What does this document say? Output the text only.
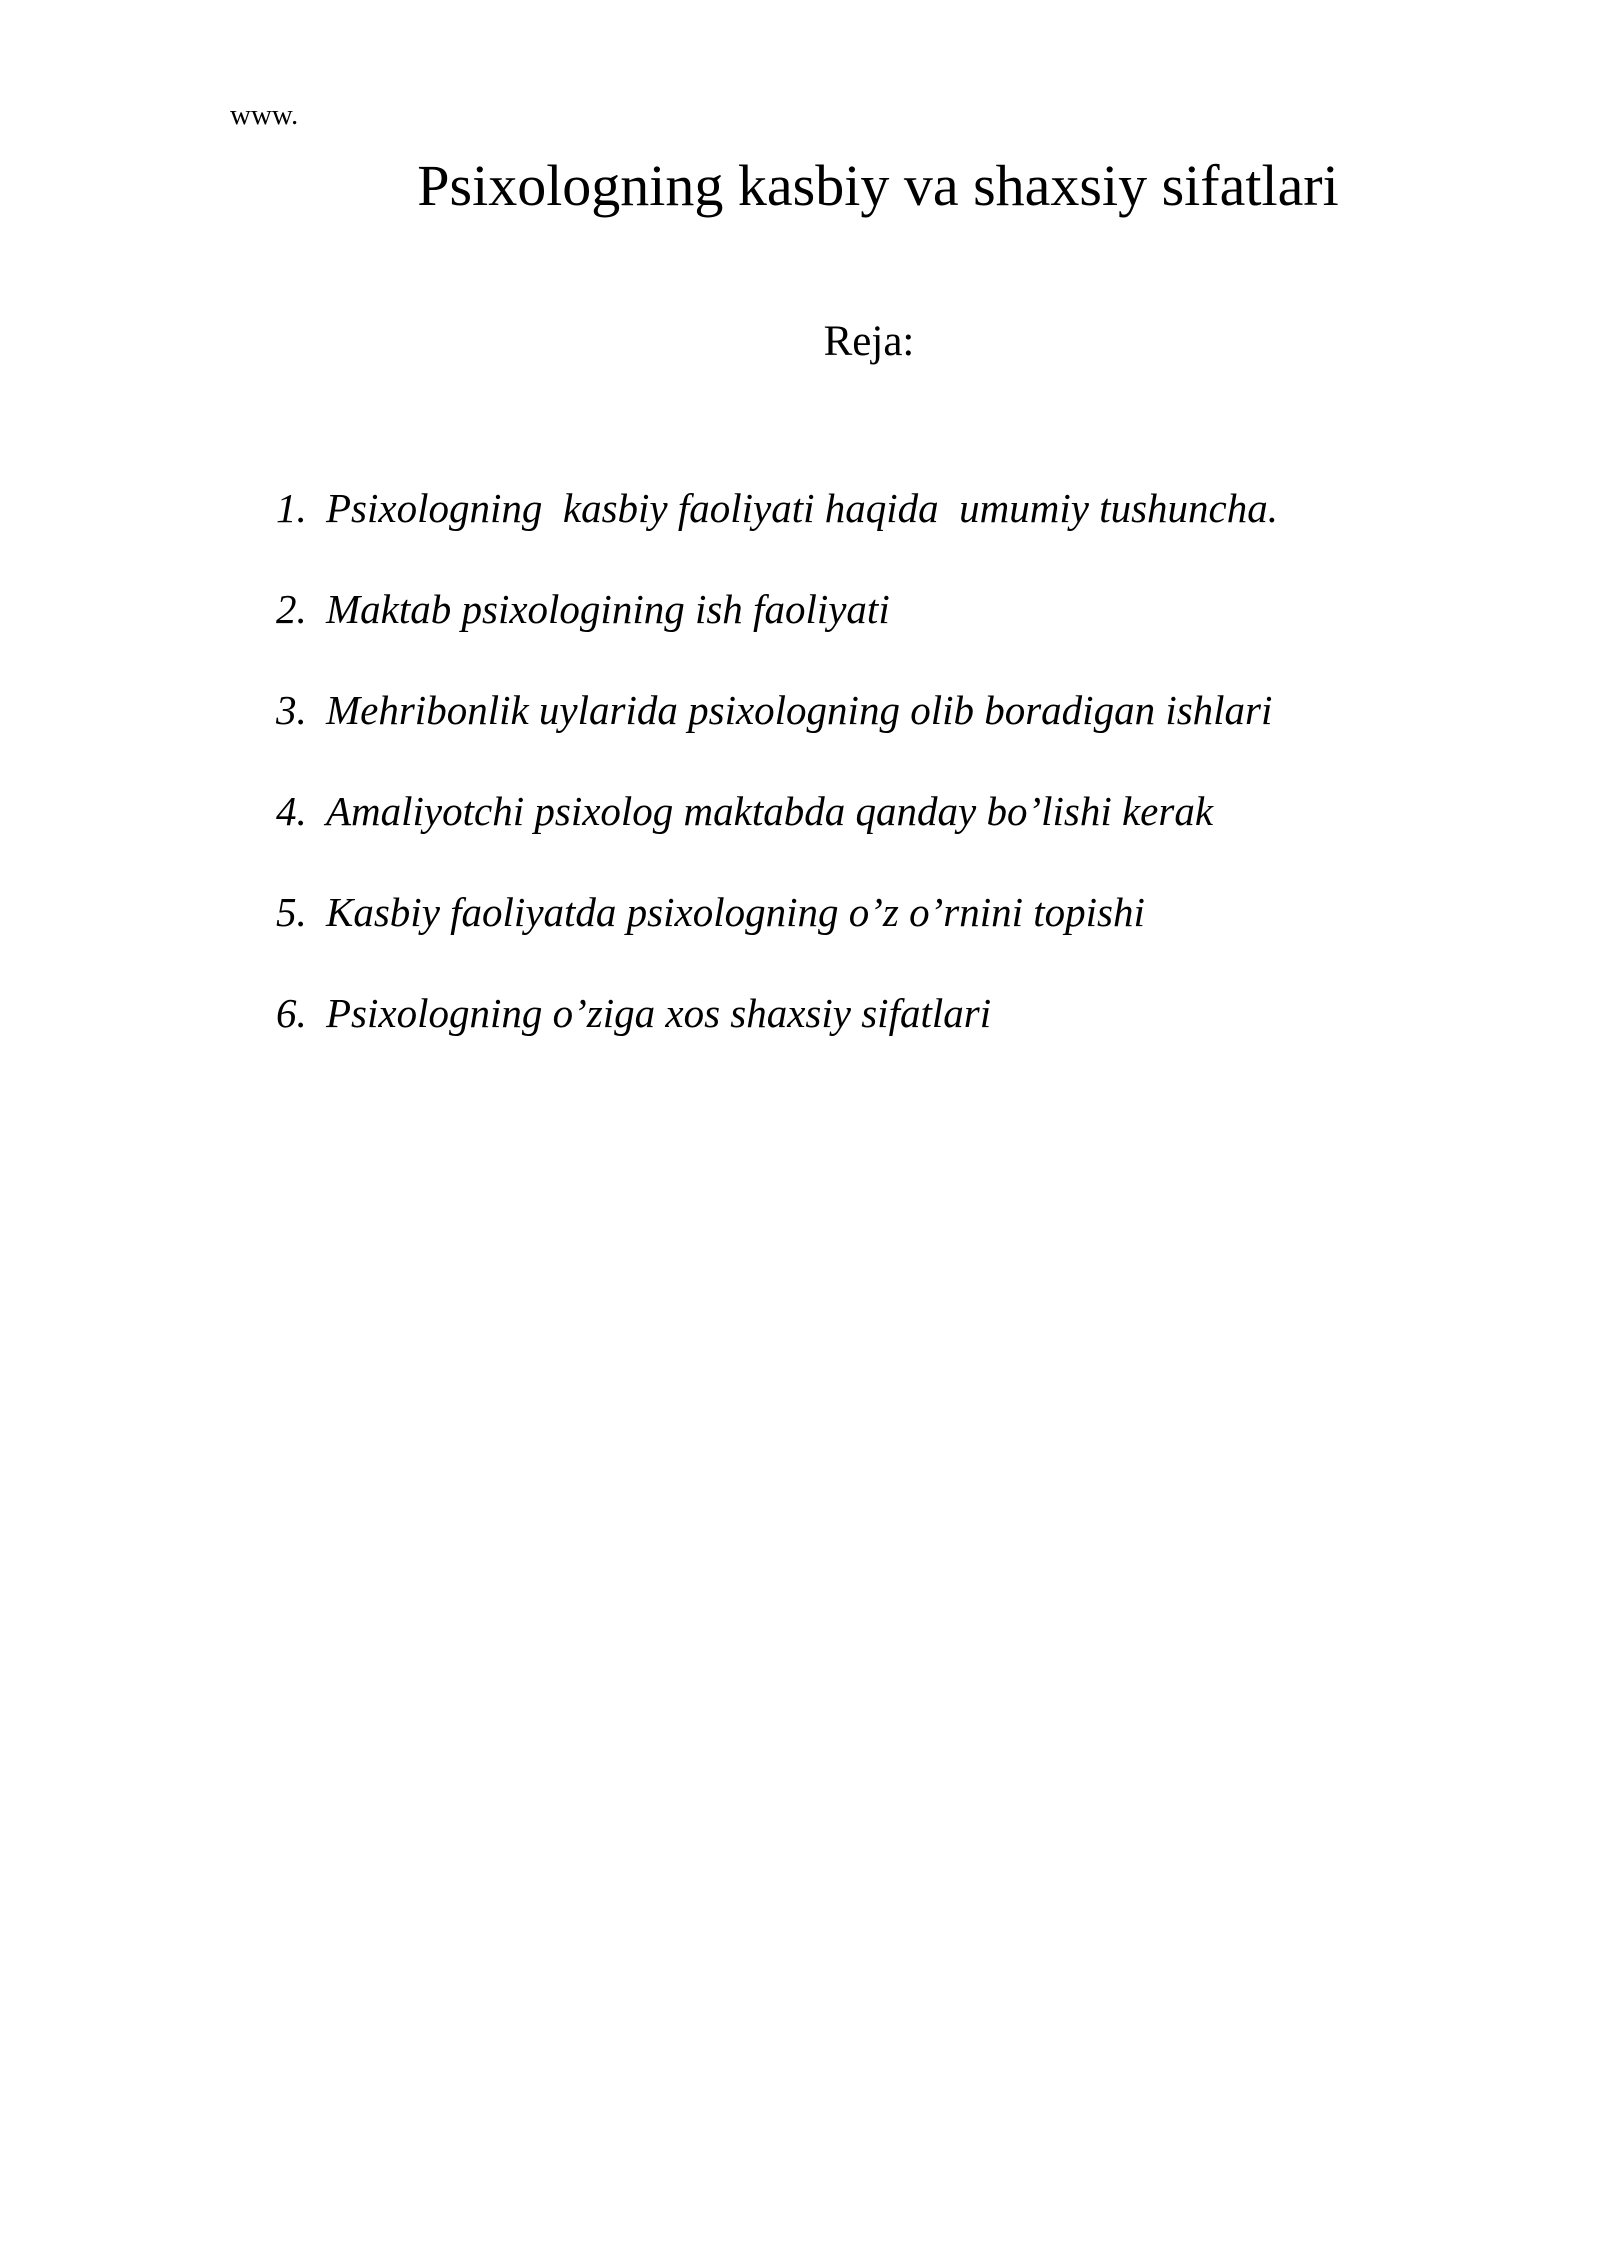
www.
Psixologning kasbiy va shaxsiy sifatlari
Reja:
1. Psixologning  kasbiy faoliyati haqida  umumiy tushuncha.
2. Maktab psixologining ish faoliyati
3. Mehribonlik uylarida psixologning olib boradigan ishlari
4. Amaliyotchi psixolog maktabda qanday bo’lishi kerak
5. Kasbiy faoliyatda psixologning o’z o’rnini topishi
6. Psixologning o’ziga xos shaxsiy sifatlari
